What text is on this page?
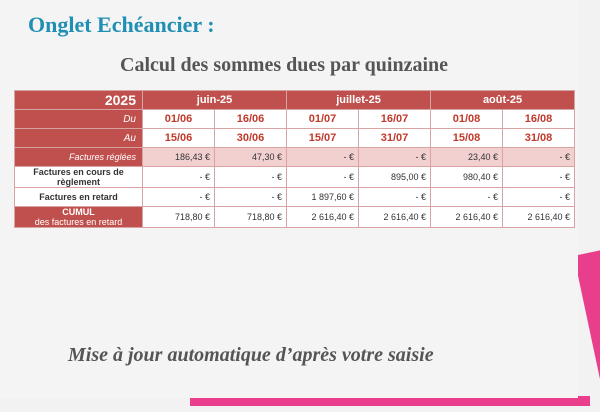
Onglet Echéancier :
Calcul des sommes dues par quinzaine
2025	juin-25		juillet-25		août-25	
Du	01/06	16/06	01/07	16/07	01/08	16/08
Au	15/06	30/06	15/07	31/07	15/08	31/08
Factures réglées	186,43 €	47,30 €	- €	- €	23,40 €	- €
Factures en cours de
règlement	- €	- €	- €	895,00 €	980,40 €	- €
Factures en retard	- €	- €	1 897,60 €	- €	- €	- €

CUMUL
des factures en retard	718,80 €	718,80 €	2 616,40 €	2 616,40 €	2 616,40 €	2 616,40 €

Mise à jour automatique d’après votre saisie
